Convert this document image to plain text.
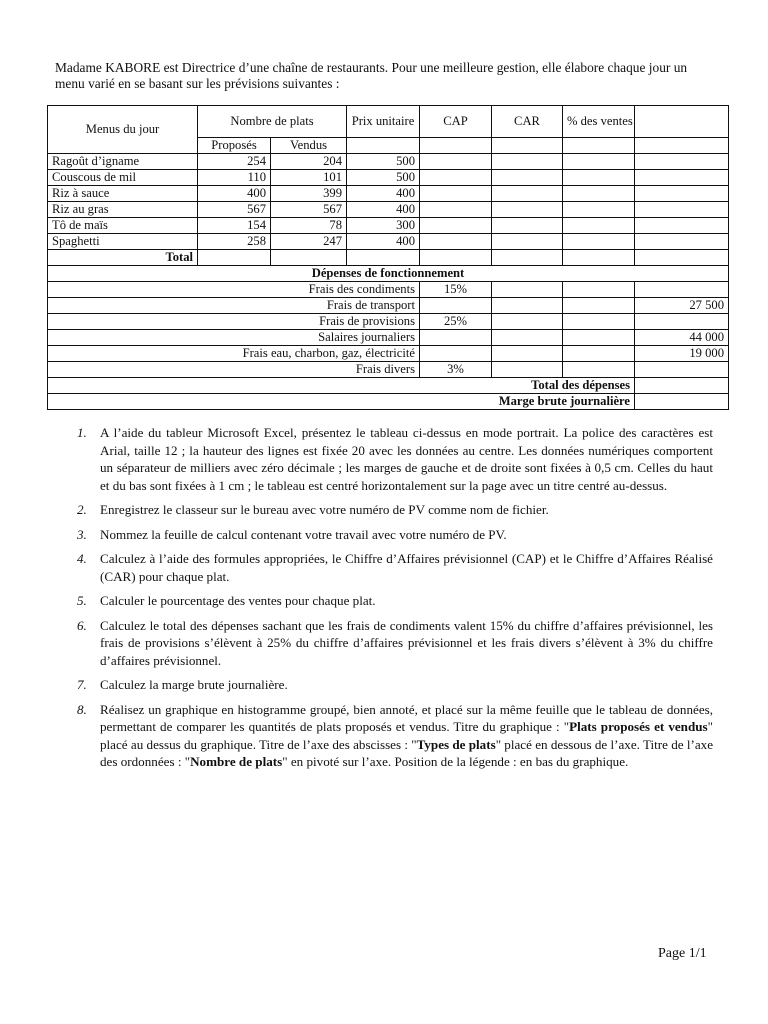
Madame KABORE est Directrice d’une chaîne de restaurants. Pour une meilleure gestion, elle élabore chaque jour un menu varié en se basant sur les prévisions suivantes :
Menus du jour	Nombre de plats		Prix unitaire	CAP	CAR	% des ventes	
	Proposés	Vendus					
Ragoût d’igname	254	204	500				
Couscous de mil	110	101	500				
Riz à sauce	400	399	400				
Riz au gras	567	567	400				
Tô de maïs	154	78	300				
Spaghetti	258	247	400				
Total							
Dépenses de fonctionnement							
Frais des condiments				15%			
Frais de transport							27 500
Frais de provisions				25%			
Salaires journaliers							44 000
Frais eau, charbon, gaz, électricité							19 000
Frais divers				3%			
Total des dépenses							
Marge brute journalière							
1. A l’aide du tableur Microsoft Excel, présentez le tableau ci-dessus en mode portrait. La police des caractères est Arial, taille 12 ; la hauteur des lignes est fixée 20 avec les données au centre. Les données numériques comportent un séparateur de milliers avec zéro décimale ; les marges de gauche et de droite sont fixées à 0,5 cm. Celles du haut et du bas sont fixées à 1 cm ; le tableau est centré horizontalement sur la page avec un titre centré au-dessus.
2. Enregistrez le classeur sur le bureau avec votre numéro de PV comme nom de fichier.
3. Nommez la feuille de calcul contenant votre travail avec votre numéro de PV.
4. Calculez à l’aide des formules appropriées, le Chiffre d’Affaires prévisionnel (CAP) et le Chiffre d’Affaires Réalisé (CAR) pour chaque plat.
5. Calculer le pourcentage des ventes pour chaque plat.
6. Calculez le total des dépenses sachant que les frais de condiments valent 15% du chiffre d’affaires prévisionnel, les frais de provisions s’élèvent à 25% du chiffre d’affaires prévisionnel et les frais divers s’élèvent à 3% du chiffre d’affaires prévisionnel.
7. Calculez la marge brute journalière.
8. Réalisez un graphique en histogramme groupé, bien annoté, et placé sur la même feuille que le tableau de données, permettant de comparer les quantités de plats proposés et vendus. Titre du graphique : "Plats proposés et vendus" placé au dessus du graphique. Titre de l’axe des abscisses : "Types de plats" placé en dessous de l’axe. Titre de l’axe des ordonnées : "Nombre de plats" en pivoté sur l’axe. Position de la légende : en bas du graphique.
Page 1/1
